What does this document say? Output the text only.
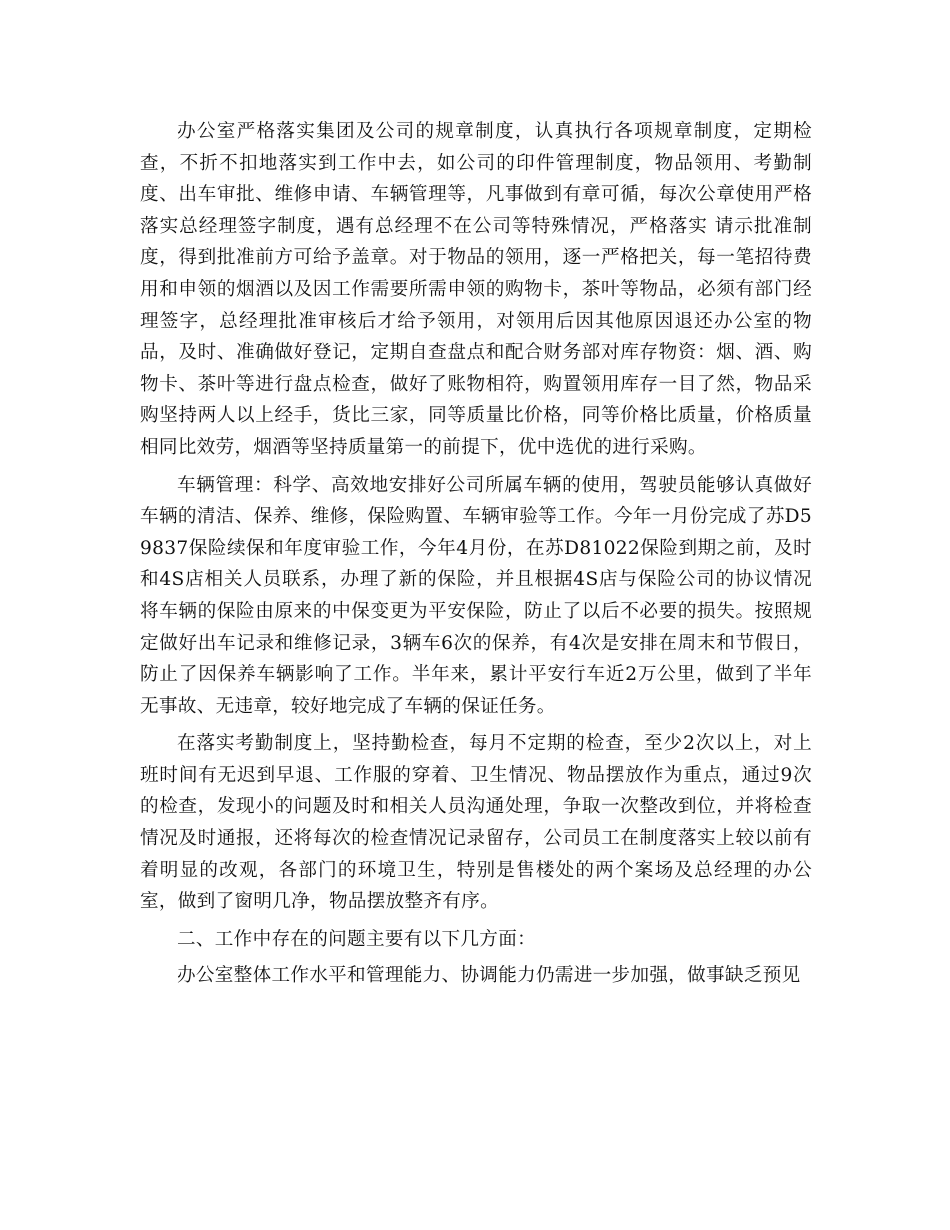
办公室严格落实集团及公司的规章制度，认真执行各项规章制度，定期检查，不折不扣地落实到工作中去，如公司的印件管理制度，物品领用、考勤制度、出车审批、维修申请、车辆管理等，凡事做到有章可循，每次公章使用严格落实总经理签字制度，遇有总经理不在公司等特殊情况，严格落实 请示批准制度，得到批准前方可给予盖章。对于物品的领用，逐一严格把关，每一笔招待费用和申领的烟酒以及因工作需要所需申领的购物卡，茶叶等物品，必须有部门经理签字，总经理批准审核后才给予领用，对领用后因其他原因退还办公室的物品，及时、准确做好登记，定期自查盘点和配合财务部对库存物资：烟、酒、购物卡、茶叶等进行盘点检查，做好了账物相符，购置领用库存一目了然，物品采购坚持两人以上经手，货比三家，同等质量比价格，同等价格比质量，价格质量相同比效劳，烟酒等坚持质量第一的前提下，优中选优的进行采购。

车辆管理：科学、高效地安排好公司所属车辆的使用，驾驶员能够认真做好车辆的清洁、保养、维修，保险购置、车辆审验等工作。今年一月份完成了苏D59837保险续保和年度审验工作，今年4月份，在苏D81022保险到期之前，及时和4S店相关人员联系，办理了新的保险，并且根据4S店与保险公司的协议情况将车辆的保险由原来的中保变更为平安保险，防止了以后不必要的损失。按照规定做好出车记录和维修记录，3辆车6次的保养，有4次是安排在周末和节假日，防止了因保养车辆影响了工作。半年来，累计平安行车近2万公里，做到了半年无事故、无违章，较好地完成了车辆的保证任务。

在落实考勤制度上，坚持勤检查，每月不定期的检查，至少2次以上，对上班时间有无迟到早退、工作服的穿着、卫生情况、物品摆放作为重点，通过9次的检查，发现小的问题及时和相关人员沟通处理，争取一次整改到位，并将检查情况及时通报，还将每次的检查情况记录留存，公司员工在制度落实上较以前有着明显的改观，各部门的环境卫生，特别是售楼处的两个案场及总经理的办公室，做到了窗明几净，物品摆放整齐有序。

二、工作中存在的问题主要有以下几方面：

办公室整体工作水平和管理能力、协调能力仍需进一步加强，做事缺乏预见
